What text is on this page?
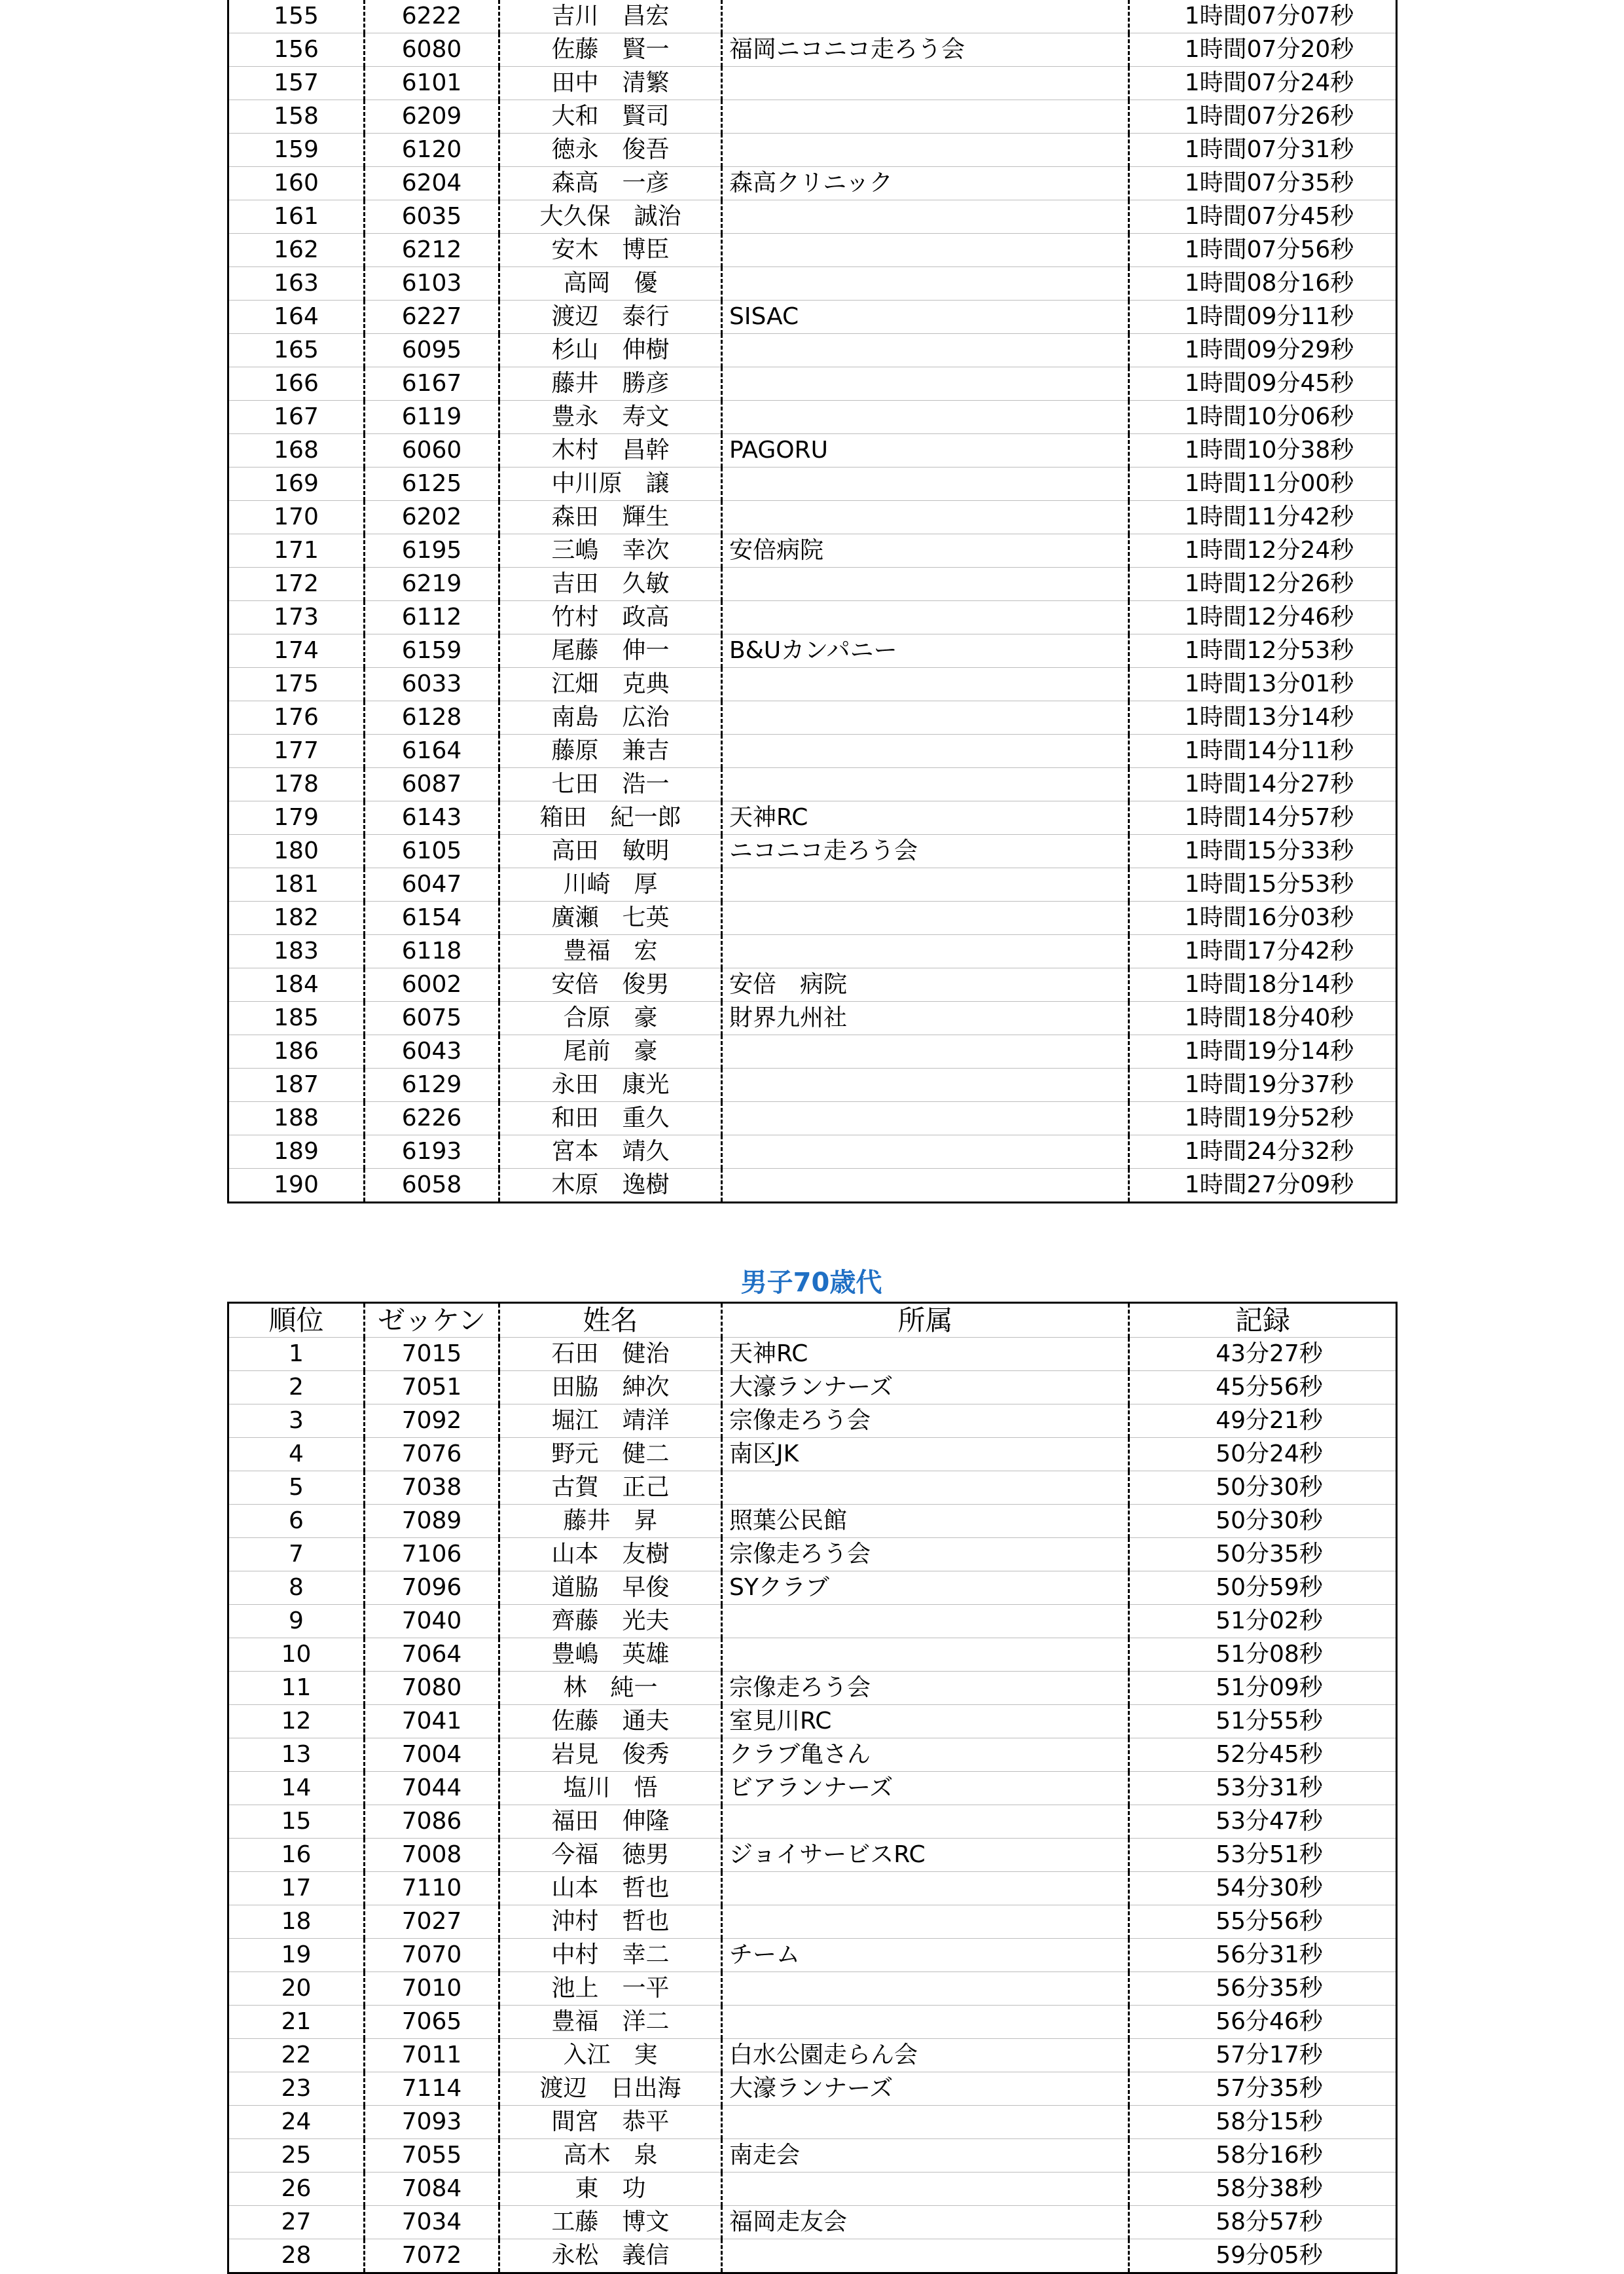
155	6222	吉川　昌宏		1時間07分07秒
156	6080	佐藤　賢一	福岡ニコニコ走ろう会	1時間07分20秒
157	6101	田中　清繁		1時間07分24秒
158	6209	大和　賢司		1時間07分26秒
159	6120	徳永　俊吾		1時間07分31秒
160	6204	森高　一彦	森高クリニック	1時間07分35秒
161	6035	大久保　誠治		1時間07分45秒
162	6212	安木　博臣		1時間07分56秒
163	6103	高岡　優		1時間08分16秒
164	6227	渡辺　泰行	SISAC	1時間09分11秒
165	6095	杉山　伸樹		1時間09分29秒
166	6167	藤井　勝彦		1時間09分45秒
167	6119	豊永　寿文		1時間10分06秒
168	6060	木村　昌幹	PAGORU	1時間10分38秒
169	6125	中川原　譲		1時間11分00秒
170	6202	森田　輝生		1時間11分42秒
171	6195	三嶋　幸次	安倍病院	1時間12分24秒
172	6219	吉田　久敏		1時間12分26秒
173	6112	竹村　政高		1時間12分46秒
174	6159	尾藤　伸一	B&Uカンパニー	1時間12分53秒
175	6033	江畑　克典		1時間13分01秒
176	6128	南島　広治		1時間13分14秒
177	6164	藤原　兼吉		1時間14分11秒
178	6087	七田　浩一		1時間14分27秒
179	6143	箱田　紀一郎	天神RC	1時間14分57秒
180	6105	高田　敏明	ニコニコ走ろう会	1時間15分33秒
181	6047	川崎　厚		1時間15分53秒
182	6154	廣瀬　七英		1時間16分03秒
183	6118	豊福　宏		1時間17分42秒
184	6002	安倍　俊男	安倍　病院	1時間18分14秒
185	6075	合原　豪	財界九州社	1時間18分40秒
186	6043	尾前　豪		1時間19分14秒
187	6129	永田　康光		1時間19分37秒
188	6226	和田　重久		1時間19分52秒
189	6193	宮本　靖久		1時間24分32秒
190	6058	木原　逸樹		1時間27分09秒
男子70歳代
順位	ゼッケン	姓名	所属	記録
1	7015	石田　健治	天神RC	43分27秒
2	7051	田脇　紳次	大濠ランナーズ	45分56秒
3	7092	堀江　靖洋	宗像走ろう会	49分21秒
4	7076	野元　健二	南区JK	50分24秒
5	7038	古賀　正己		50分30秒
6	7089	藤井　昇	照葉公民館	50分30秒
7	7106	山本　友樹	宗像走ろう会	50分35秒
8	7096	道脇　早俊	SYクラブ	50分59秒
9	7040	齊藤　光夫		51分02秒
10	7064	豊嶋　英雄		51分08秒
11	7080	林　純一	宗像走ろう会	51分09秒
12	7041	佐藤　通夫	室見川RC	51分55秒
13	7004	岩見　俊秀	クラブ亀さん	52分45秒
14	7044	塩川　悟	ビアランナーズ	53分31秒
15	7086	福田　伸隆		53分47秒
16	7008	今福　徳男	ジョイサービスRC	53分51秒
17	7110	山本　哲也		54分30秒
18	7027	沖村　哲也		55分56秒
19	7070	中村　幸二	チーム	56分31秒
20	7010	池上　一平		56分35秒
21	7065	豊福　洋二		56分46秒
22	7011	入江　実	白水公園走らん会	57分17秒
23	7114	渡辺　日出海	大濠ランナーズ	57分35秒
24	7093	間宮　恭平		58分15秒
25	7055	高木　泉	南走会	58分16秒
26	7084	東　功		58分38秒
27	7034	工藤　博文	福岡走友会	58分57秒
28	7072	永松　義信		59分05秒
